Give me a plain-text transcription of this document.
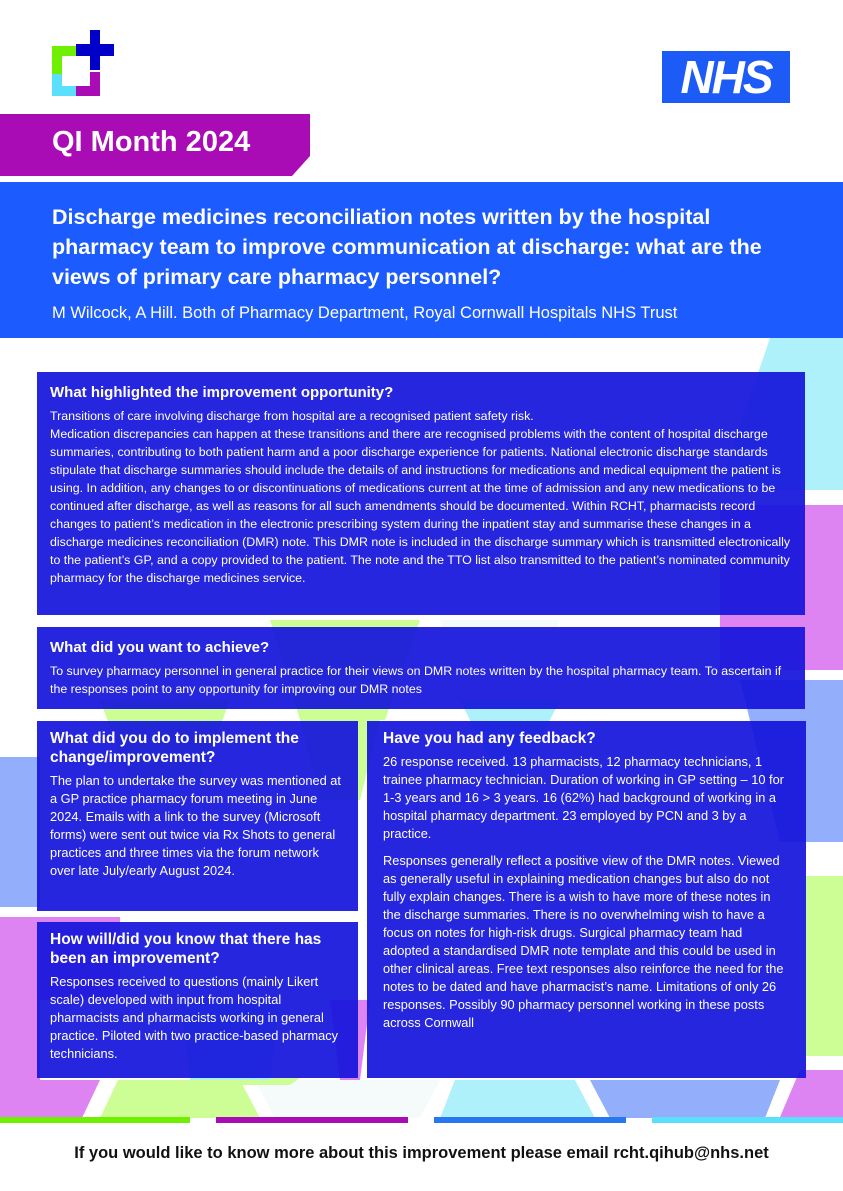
NHS
QI Month 2024
Discharge medicines reconciliation notes written by the hospital pharmacy team to improve communication at discharge: what are the views of primary care pharmacy personnel?
M Wilcock, A Hill. Both of Pharmacy Department, Royal Cornwall Hospitals NHS Trust
What highlighted the improvement opportunity?

Transitions of care involving discharge from hospital are a recognised patient safety risk.

Medication discrepancies can happen at these transitions and there are recognised problems with the content of hospital discharge summaries, contributing to both patient harm and a poor discharge experience for patients. National electronic discharge standards stipulate that discharge summaries should include the details of and instructions for medications and medical equipment the patient is using. In addition, any changes to or discontinuations of medications current at the time of admission and any new medications to be continued after discharge, as well as reasons for all such amendments should be documented. Within RCHT, pharmacists record changes to patient’s medication in the electronic prescribing system during the inpatient stay and summarise these changes in a discharge medicines reconciliation (DMR) note. This DMR note is included in the discharge summary which is transmitted electronically to the patient’s GP, and a copy provided to the patient. The note and the TTO list also transmitted to the patient’s nominated community pharmacy for the discharge medicines service.

What did you want to achieve?

To survey pharmacy personnel in general practice for their views on DMR notes written by the hospital pharmacy team. To ascertain if the responses point to any opportunity for improving our DMR notes

What did you do to implement the change/improvement?

The plan to undertake the survey was mentioned at a GP practice pharmacy forum meeting in June 2024. Emails with a link to the survey (Microsoft forms) were sent out twice via Rx Shots to general practices and three times via the forum network over late July/early August 2024.

How will/did you know that there has been an improvement?

Responses received to questions (mainly Likert scale) developed with input from hospital pharmacists and pharmacists working in general practice. Piloted with two practice-based pharmacy technicians.

Have you had any feedback?

26 response received. 13 pharmacists, 12 pharmacy technicians, 1 trainee pharmacy technician. Duration of working in GP setting – 10 for 1-3 years and 16 > 3 years. 16 (62%) had background of working in a hospital pharmacy department. 23 employed by PCN and 3 by a practice.

Responses generally reflect a positive view of the DMR notes. Viewed as generally useful in explaining medication changes but also do not fully explain changes. There is a wish to have more of these notes in the discharge summaries. There is no overwhelming wish to have a focus on notes for high-risk drugs. Surgical pharmacy team had adopted a standardised DMR note template and this could be used in other clinical areas. Free text responses also reinforce the need for the notes to be dated and have pharmacist’s name. Limitations of only 26 responses. Possibly 90 pharmacy personnel working in these posts across Cornwall

If you would like to know more about this improvement please email rcht.qihub@nhs.net
